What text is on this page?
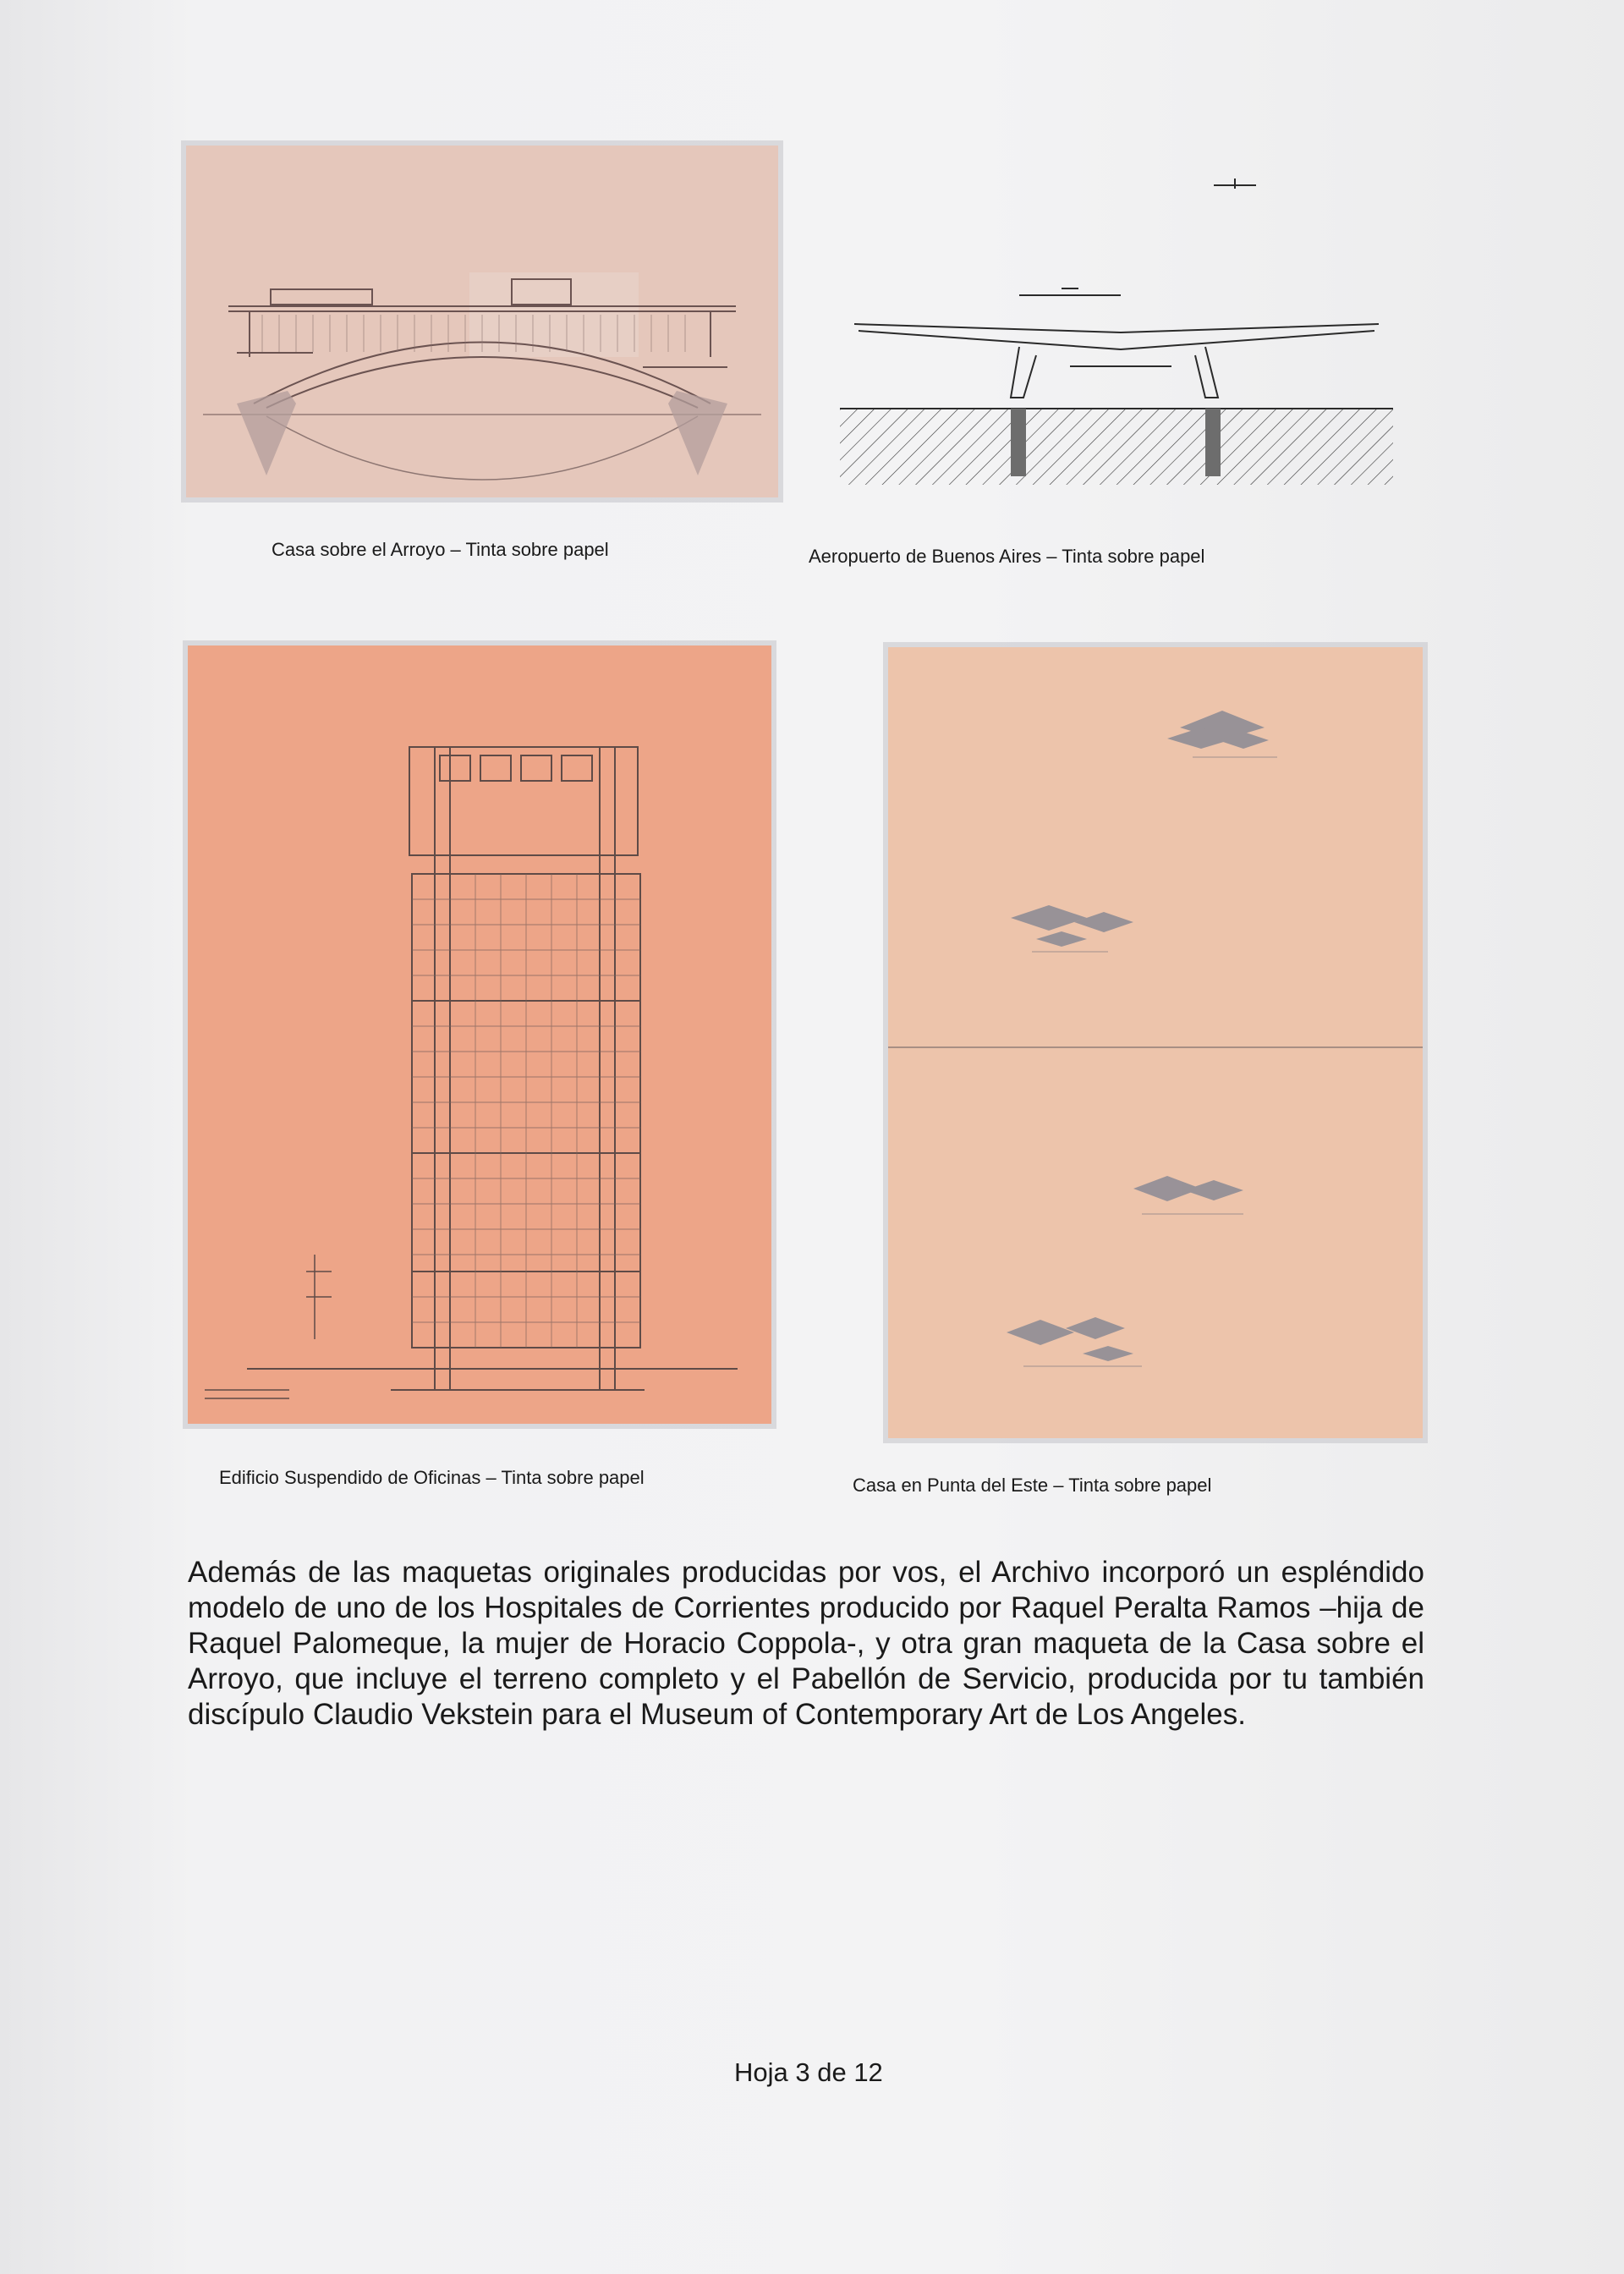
Casa sobre el Arroyo – Tinta sobre papel	Aeropuerto de Buenos Aires – Tinta sobre papel
Edificio Suspendido de Oficinas – Tinta sobre papel	Casa en Punta del Este – Tinta sobre papel
Además de las maquetas originales producidas por vos, el Archivo incorporó un espléndido modelo de uno de los Hospitales de Corrientes producido por Raquel Peralta Ramos –hija de Raquel Palomeque, la mujer de Horacio Coppola-, y otra gran maqueta de la Casa sobre el Arroyo, que incluye el terreno completo y el Pabellón de Servicio, producida por tu también discípulo Claudio Vekstein para el Museum of Contemporary Art de Los Angeles.
Hoja 3 de 12
